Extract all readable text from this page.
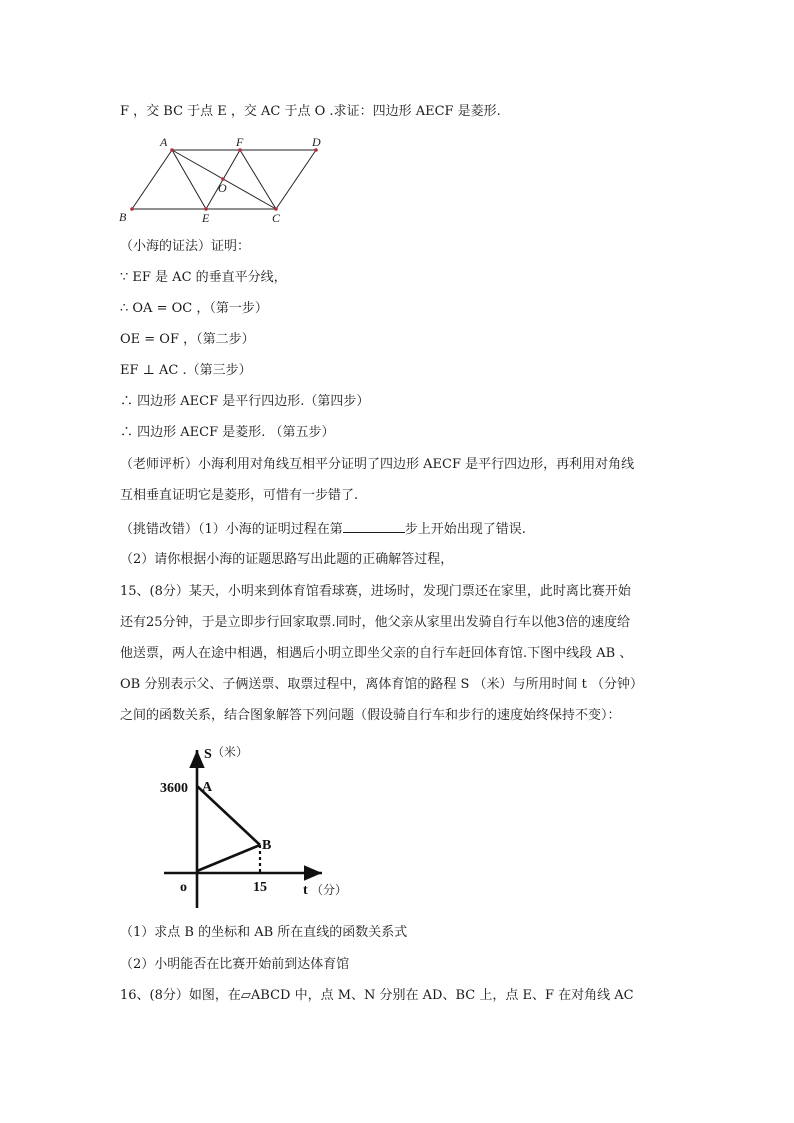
F ，交 BC 于点 E ，交 AC 于点 O .求证：四边形 AECF 是菱形.
A	F	D
O
B	E	C
（小海的证法）证明：
∵ EF 是 AC 的垂直平分线，
∴ OA = OC ，（第一步）
OE = OF ，（第二步）
EF ⊥ AC .（第三步）
∴ 四边形 AECF 是平行四边形.（第四步）
∴ 四边形 AECF 是菱形. （第五步）
（老师评析）小海利用对角线互相平分证明了四边形 AECF 是平行四边形，再利用对角线
互相垂直证明它是菱形，可惜有一步错了.
（挑错改错）（1）小海的证明过程在第	步上开始出现了错误.
（2）请你根据小海的证题思路写出此题的正确解答过程，
15、(8分）某天，小明来到体育馆看球赛，进场时，发现门票还在家里，此时离比赛开始
还有25分钟，于是立即步行回家取票.同时，他父亲从家里出发骑自行车以他3倍的速度给
他送票，两人在途中相遇，相遇后小明立即坐父亲的自行车赶回体育馆.下图中线段 AB 、
OB 分别表示父、子俩送票、取票过程中，离体育馆的路程 S （米）与所用时间 t （分钟）
之间的函数关系，结合图象解答下列问题（假设骑自行车和步行的速度始终保持不变）：
S
3600 A
B
o	15	t
（米）
（分）
（1）求点 B 的坐标和 AB 所在直线的函数关系式
（2）小明能否在比赛开始前到达体育馆
16、(8分）如图，在▱ABCD 中，点 M、N 分别在 AD、BC 上，点 E、F 在对角线 AC
